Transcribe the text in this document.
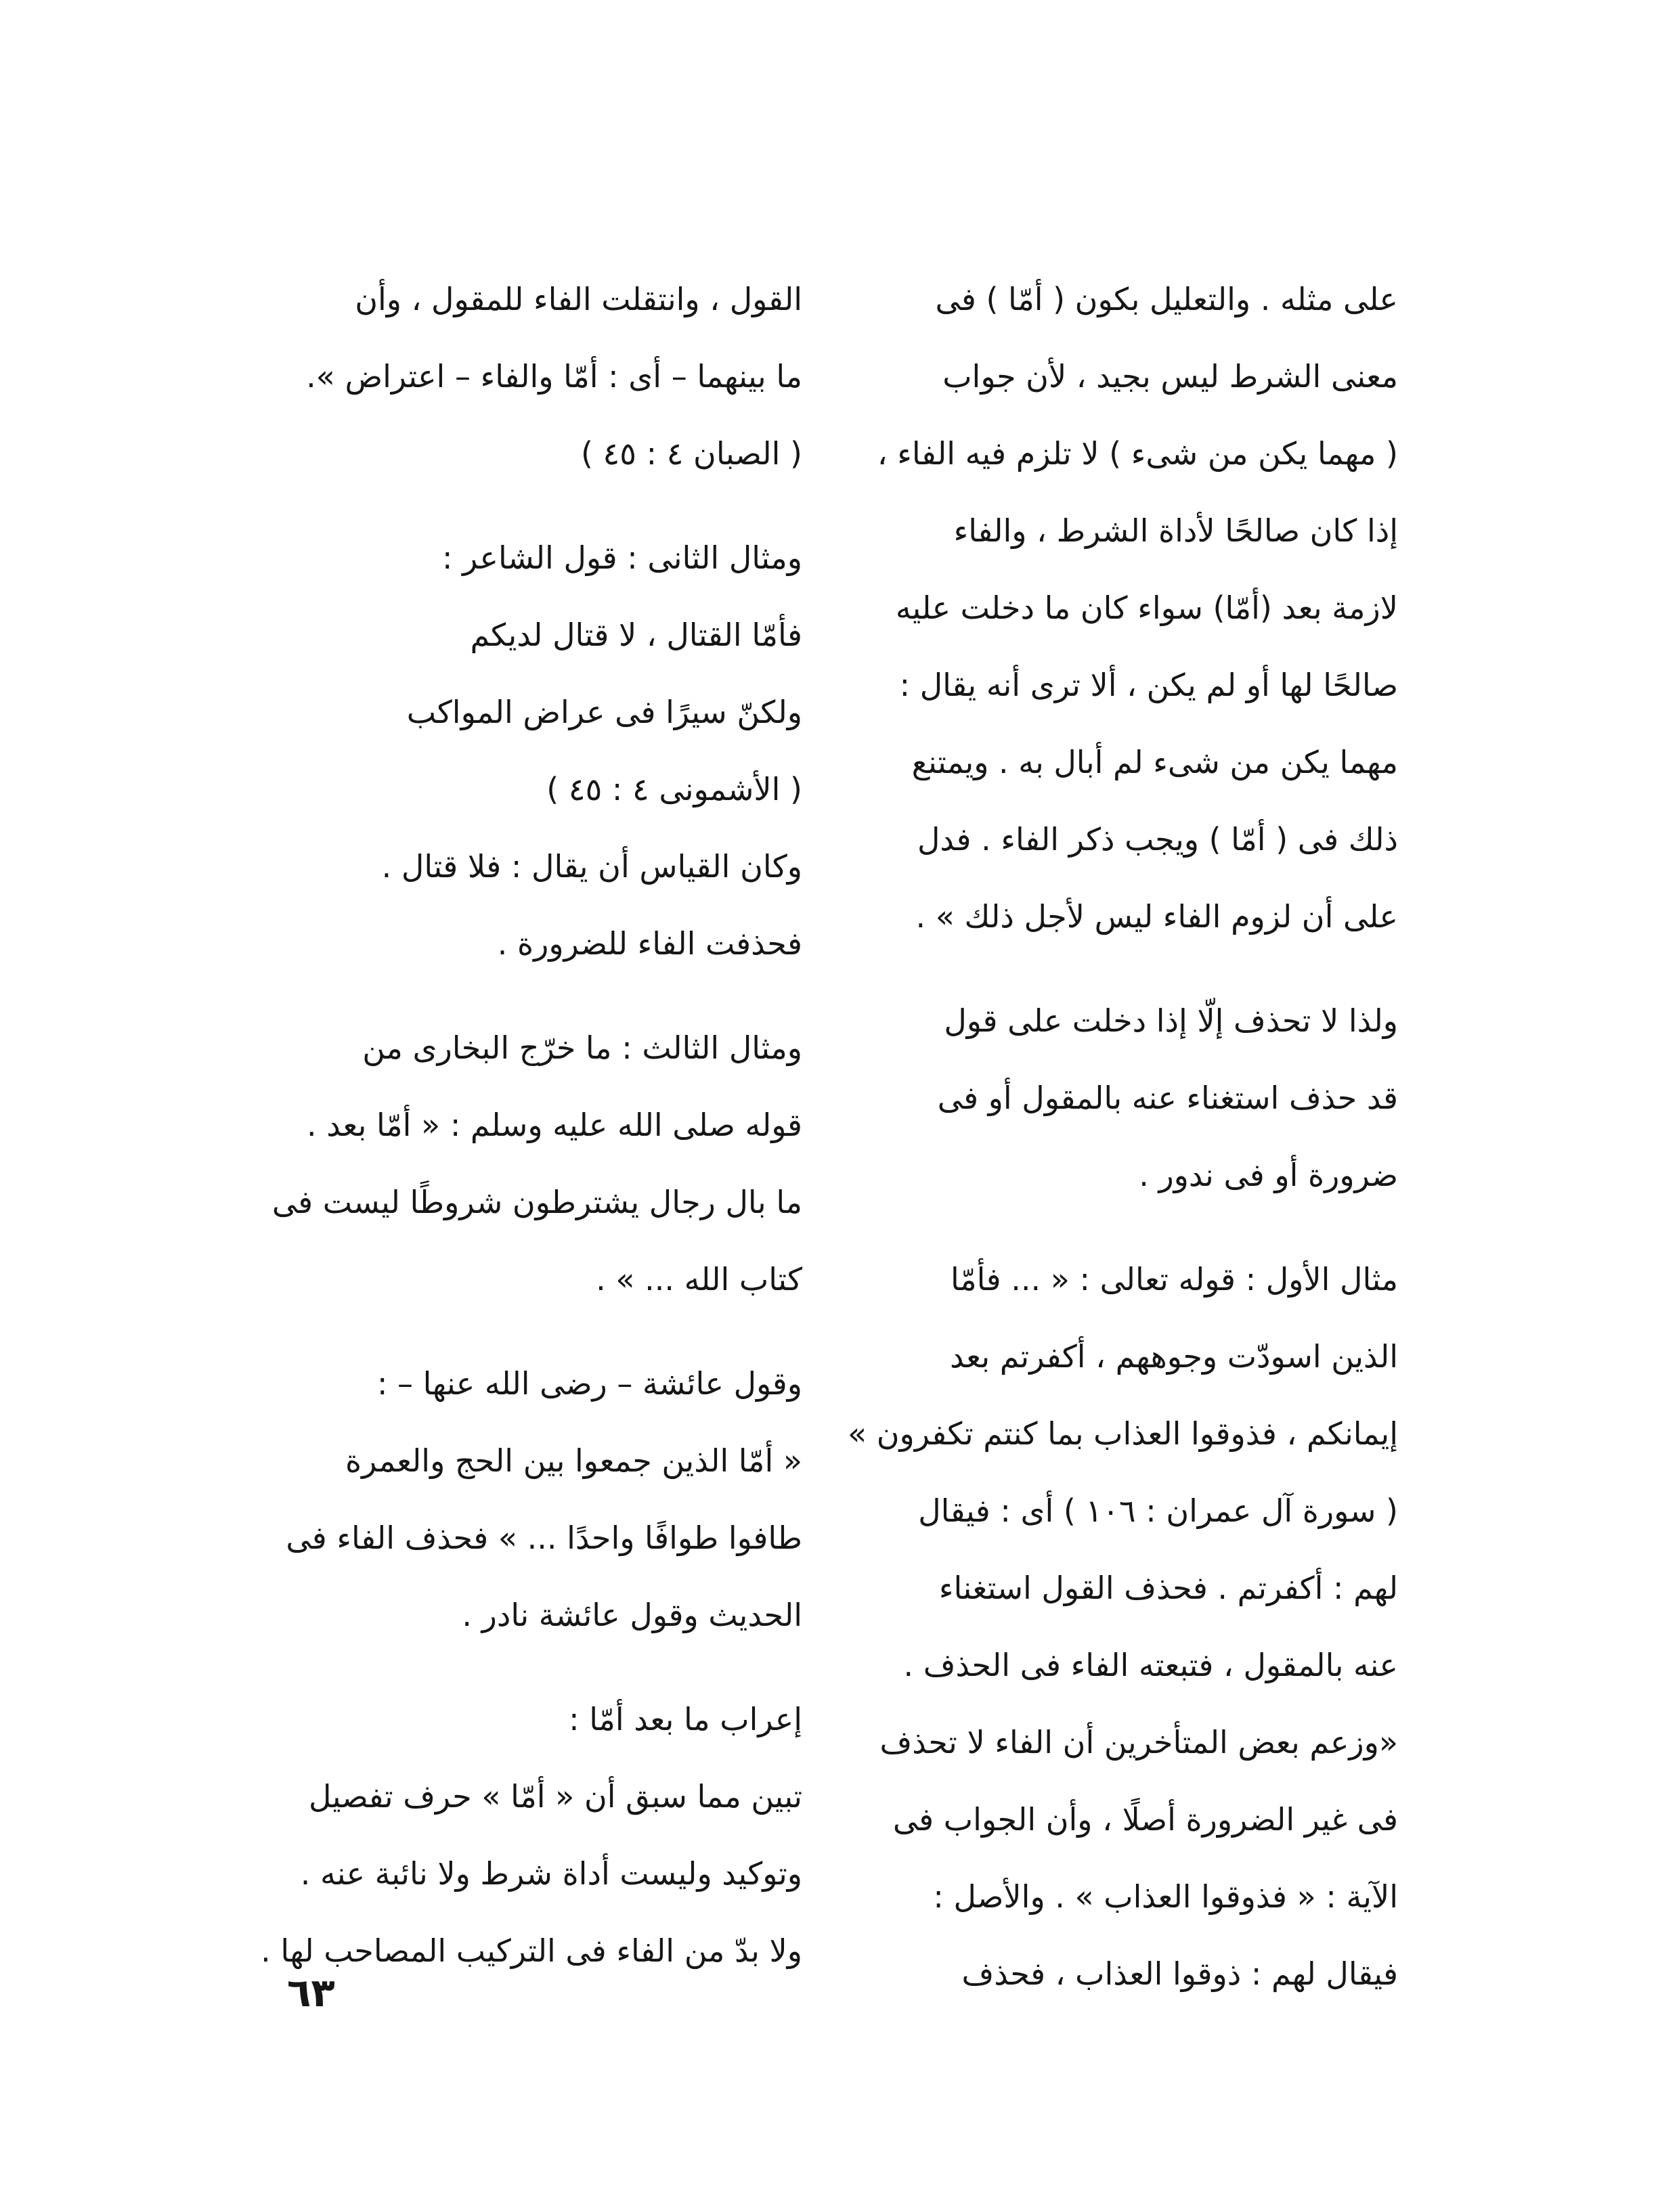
على مثله . والتعليل بكون ( أمّا ) فى
معنى الشرط ليس بجيد ، لأن جواب
( مهما يكن من شىء ) لا تلزم فيه الفاء ،
إذا كان صالحًا لأداة الشرط ، والفاء
لازمة بعد (أمّا) سواء كان ما دخلت عليه
صالحًا لها أو لم يكن ، ألا ترى أنه يقال :
مهما يكن من شىء لم أبال به . ويمتنع
ذلك فى ( أمّا ) ويجب ذكر الفاء . فدل
على أن لزوم الفاء ليس لأجل ذلك » .
ولذا لا تحذف إلّا إذا دخلت على قول
قد حذف استغناء عنه بالمقول أو فى
ضرورة أو فى ندور .
مثال الأول : قوله تعالى : « ... فأمّا
الذين اسودّت وجوههم ، أكفرتم بعد
إيمانكم ، فذوقوا العذاب بما كنتم تكفرون »
( سورة آل عمران : ١٠٦ ) أى : فيقال
لهم : أكفرتم . فحذف القول استغناء
عنه بالمقول ، فتبعته الفاء فى الحذف .
«وزعم بعض المتأخرين أن الفاء لا تحذف
فى غير الضرورة أصلًا ، وأن الجواب فى
الآية : « فذوقوا العذاب » . والأصل :
فيقال لهم : ذوقوا العذاب ، فحذف
القول ، وانتقلت الفاء للمقول ، وأن
ما بينهما – أى : أمّا والفاء – اعتراض ».
( الصبان ٤ : ٤٥ )
ومثال الثانى : قول الشاعر :
فأمّا القتال ، لا قتال لديكم
ولكنّ سيرًا فى عراض المواكب
( الأشمونى ٤ : ٤٥ )
وكان القياس أن يقال : فلا قتال .
فحذفت الفاء للضرورة .
ومثال الثالث : ما خرّج البخارى من
قوله صلى الله عليه وسلم : « أمّا بعد .
ما بال رجال يشترطون شروطًا ليست فى
كتاب الله ... » .
وقول عائشة – رضى الله عنها – :
« أمّا الذين جمعوا بين الحج والعمرة
طافوا طوافًا واحدًا ... » فحذف الفاء فى
الحديث وقول عائشة نادر .
إعراب ما بعد أمّا :
تبين مما سبق أن « أمّا » حرف تفصيل
وتوكيد وليست أداة شرط ولا نائبة عنه .
ولا بدّ من الفاء فى التركيب المصاحب لها .
٦٣
